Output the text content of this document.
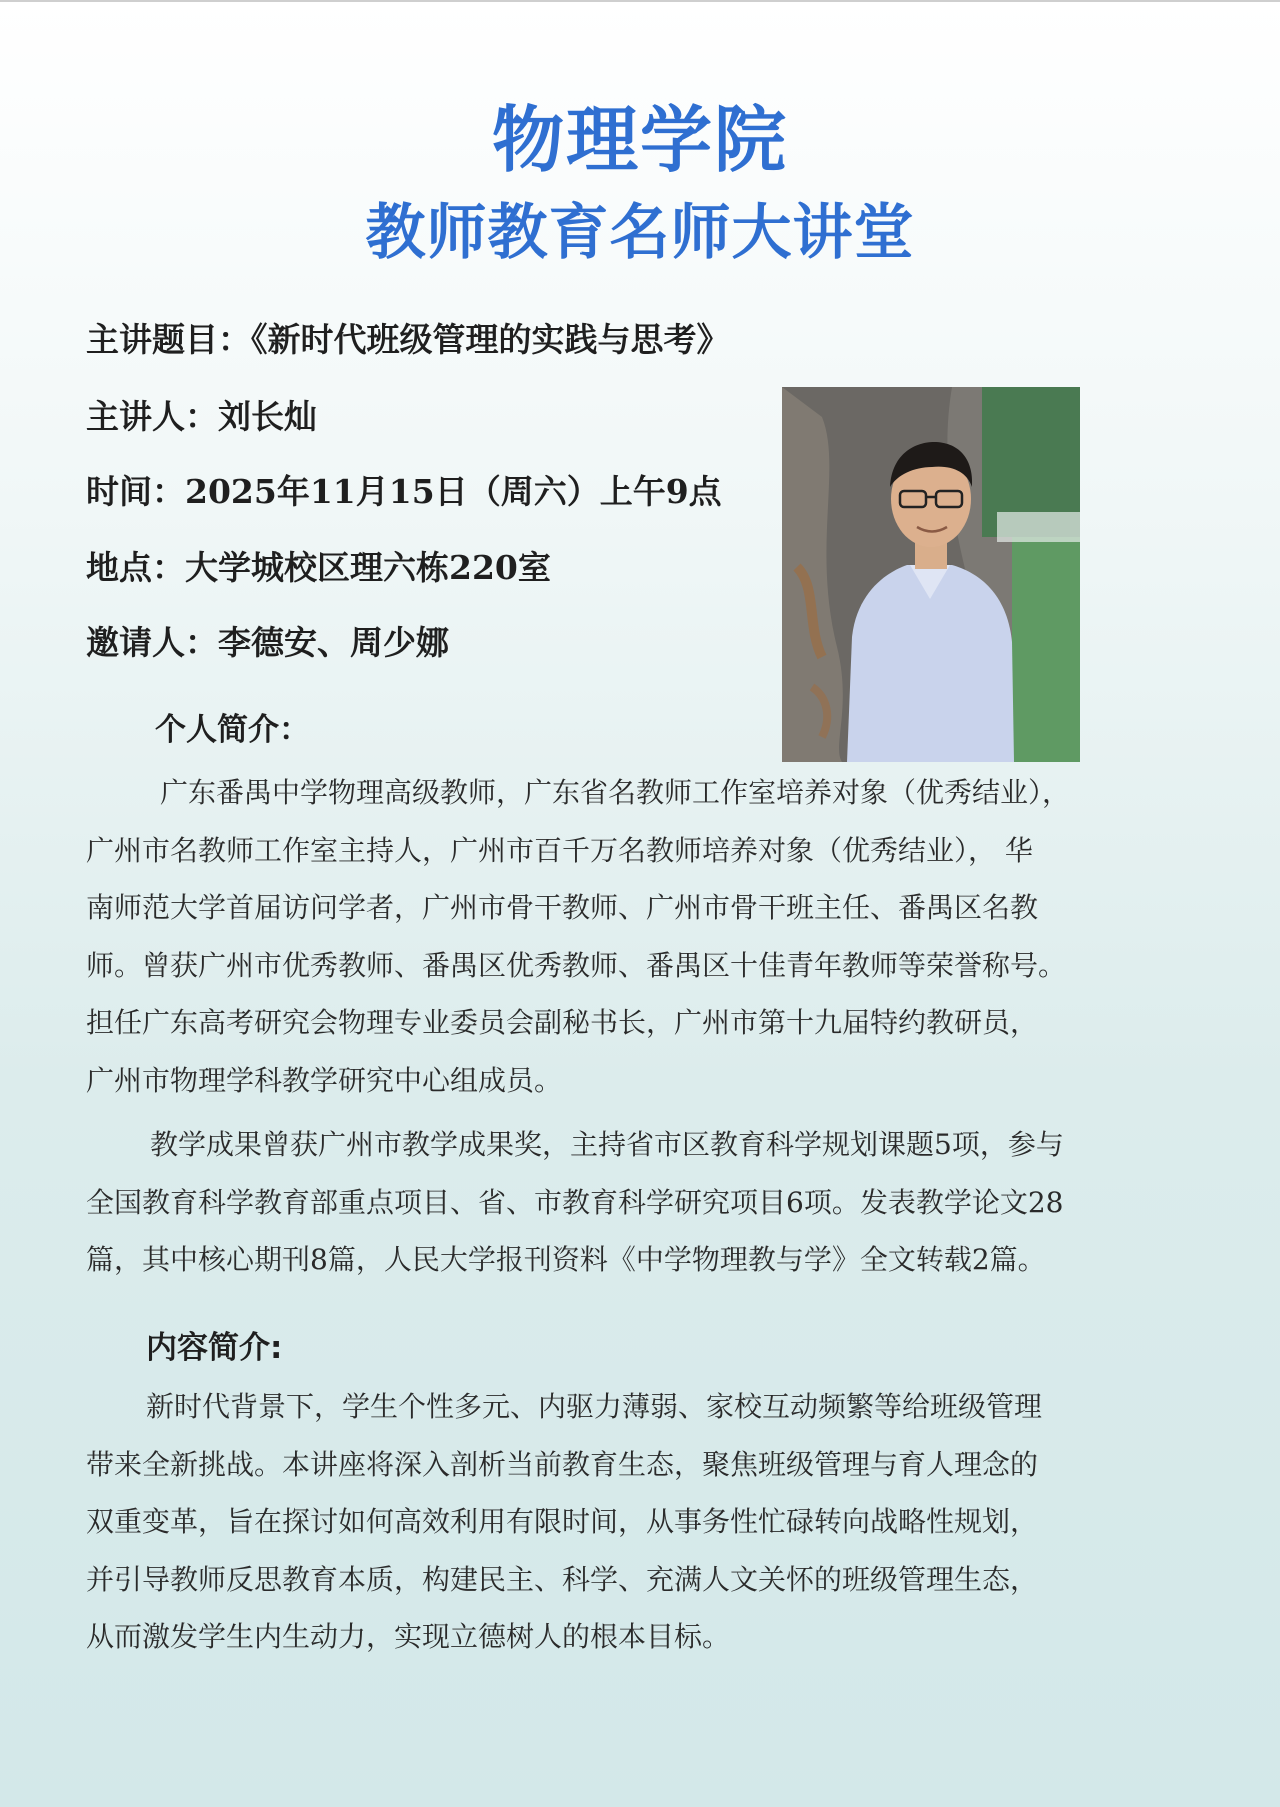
物理学院
教师教育名师大讲堂
主讲题目：《新时代班级管理的实践与思考》
主讲人：刘长灿
时间：2025年11月15日（周六）上午9点
地点：大学城校区理六栋220室
邀请人：李德安、周少娜
个人简介：
广东番禺中学物理高级教师，广东省名教师工作室培养对象（优秀结业），
广州市名教师工作室主持人，广州市百千万名教师培养对象（优秀结业）， 华
南师范大学首届访问学者，广州市骨干教师、广州市骨干班主任、番禺区名教
师。曾获广州市优秀教师、番禺区优秀教师、番禺区十佳青年教师等荣誉称号。
担任广东高考研究会物理专业委员会副秘书长，广州市第十九届特约教研员，
广州市物理学科教学研究中心组成员。
教学成果曾获广州市教学成果奖，主持省市区教育科学规划课题5项，参与
全国教育科学教育部重点项目、省、市教育科学研究项目6项。发表教学论文28
篇，其中核心期刊8篇，人民大学报刊资料《中学物理教与学》全文转载2篇。
内容简介:
新时代背景下，学生个性多元、内驱力薄弱、家校互动频繁等给班级管理
带来全新挑战。本讲座将深入剖析当前教育生态，聚焦班级管理与育人理念的
双重变革，旨在探讨如何高效利用有限时间，从事务性忙碌转向战略性规划，
并引导教师反思教育本质，构建民主、科学、充满人文关怀的班级管理生态，
从而激发学生内生动力，实现立德树人的根本目标。
